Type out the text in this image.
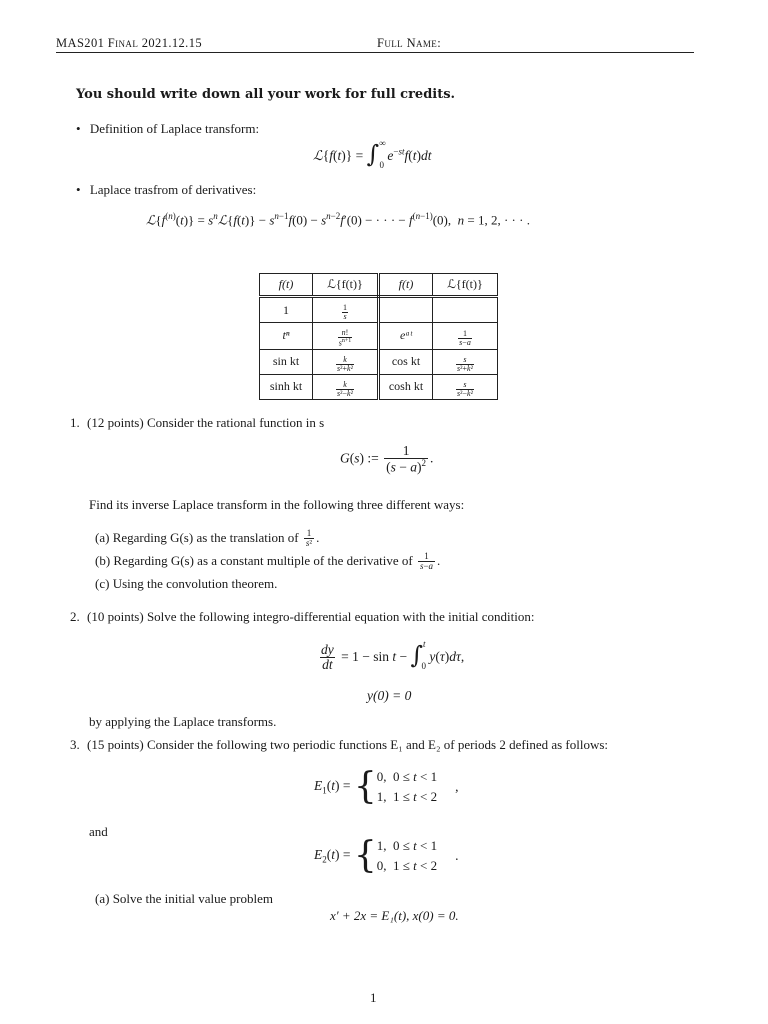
MAS201 Final 2021.12.15	Full Name:
You should write down all your work for full credits.
• Definition of Laplace transform:
ℒ{f(t)} = $\int^\infty_0$ $e^{-st}f(t)dt$
• Laplace trasfrom of derivatives:
$ℒ\{f^{(n)}(t)\}$ = $s^nℒ\{f(t)\} - s^{n-1}f(0) - s^{n-2}f'(0)$ − · · · − $f^{(n-1)}(0)$,  n = 1, 2, · · · .
f(t)	ℒ{f(t)}	f(t)	ℒ{f(t)}
1	$\frac{1}{s}$

tⁿ	$\frac{n!}{s^{n+1}}$	eᵃᵗ	$\frac{1}{s-a}$

sin kt	$\frac{k}{\text{s²+k²}}$	cos kt	$\frac{s}{\text{s²+k²}}$

sinh kt	$\frac{k}{\text{s²−k²}}$	cosh kt	$\frac{s}{\text{s²−k²}}$
1. (12 points) Consider the rational function in s
G(s) := $\frac{1}{(s - a)^2}$ .
Find its inverse Laplace transform in the following three different ways:
(a) Regarding G(s) as the translation of $\frac{1}{\text{s²}}$ .
(b) Regarding G(s) as a constant multiple of the derivative of $\frac{1}{s-a}$ .
(c) Using the convolution theorem.
2. (10 points) Solve the following integro-differential equation with the initial condition:
$\frac{dy}{dt} = 1 - \sin t - \int^t_0$ y(τ)dτ,
y(0) = 0
by applying the Laplace transforms.
3. (15 points) Consider the following two periodic functions E₁ and E₂ of periods 2 defined as follows:
$E_1(t)$ = { 0,  0 ≤ t < 1
1,  1 ≤ t < 2
,
and
$E_2(t)$ = { 1,  0 ≤ t < 1
0,  1 ≤ t < 2
.
(a) Solve the initial value problem
x′ + 2x = E₁(t), x(0) = 0.
1
